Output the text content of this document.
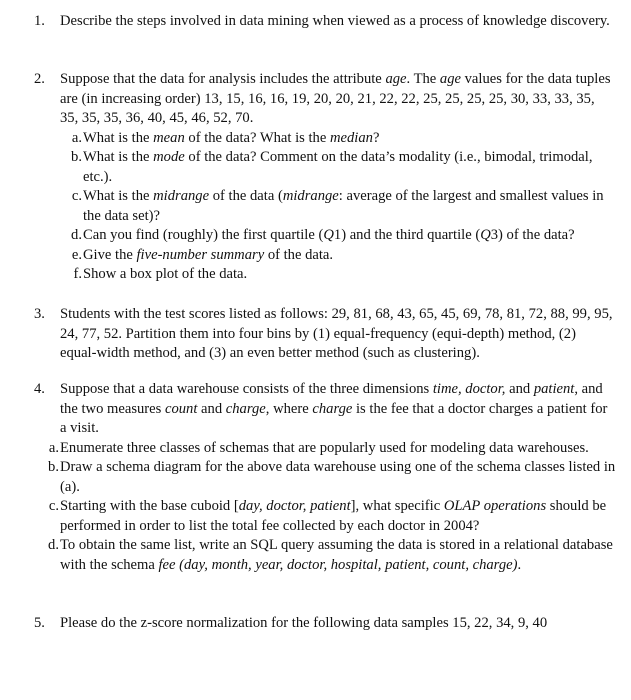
1. Describe the steps involved in data mining when viewed as a process of knowledge discovery.
2. Suppose that the data for analysis includes the attribute age. The age values for the data tuples are (in increasing order) 13, 15, 16, 16, 19, 20, 20, 21, 22, 22, 25, 25, 25, 25, 30, 33, 33, 35, 35, 35, 35, 36, 40, 45, 46, 52, 70.
a. What is the mean of the data? What is the median?
b. What is the mode of the data? Comment on the data’s modality (i.e., bimodal, trimodal, etc.).
c. What is the midrange of the data (midrange: average of the largest and smallest values in the data set)?
d. Can you find (roughly) the first quartile (Q1) and the third quartile (Q3) of the data?
e. Give the five-number summary of the data.
f. Show a box plot of the data.
3. Students with the test scores listed as follows: 29, 81, 68, 43, 65, 45, 69, 78, 81, 72, 88, 99, 95, 24, 77, 52. Partition them into four bins by (1) equal-frequency (equi-depth) method, (2) equal-width method, and (3) an even better method (such as clustering).
4. Suppose that a data warehouse consists of the three dimensions time, doctor, and patient, and the two measures count and charge, where charge is the fee that a doctor charges a patient for a visit.
a. Enumerate three classes of schemas that are popularly used for modeling data warehouses.
b. Draw a schema diagram for the above data warehouse using one of the schema classes listed in (a).
c. Starting with the base cuboid [day, doctor, patient], what specific OLAP operations should be performed in order to list the total fee collected by each doctor in 2004?
d. To obtain the same list, write an SQL query assuming the data is stored in a relational database with the schema fee (day, month, year, doctor, hospital, patient, count, charge).
5. Please do the z-score normalization for the following data samples 15, 22, 34, 9, 40
